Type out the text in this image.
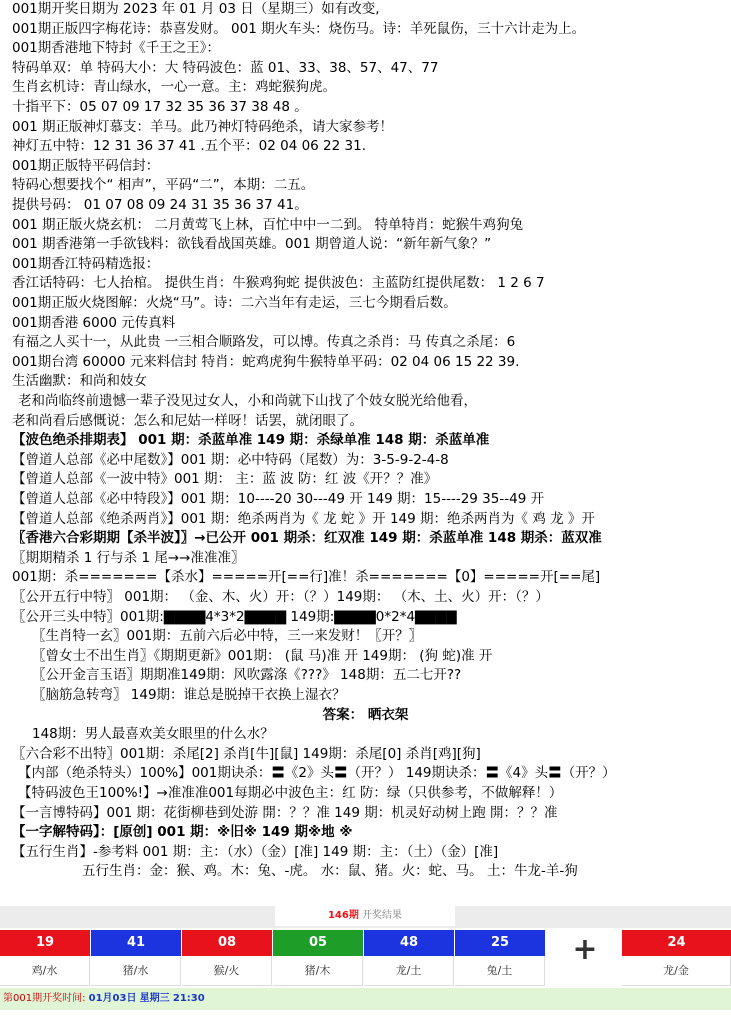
001期开奖日期为 2023 年 01 月 03 日（星期三）如有改变,
001期正版四字梅花诗：恭喜发财。 001 期火车头：烧伤马。诗：羊死鼠伤，三十六计走为上。
001期香港地下特封《千王之王》：
特码单双：单 特码大小：大 特码波色：蓝 01、33、38、57、47、77
生肖玄机诗：青山绿水，一心一意。主：鸡蛇猴狗虎。
十指平下：05 07 09 17 32 35 36 37 38 48 。
001 期正版神灯慕支：羊马。此乃神灯特码绝杀，请大家参考！
神灯五中特：12 31 36 37 41 .五个平：02 04 06 22 31.
001期正版特平码信封：
特码心想要找个“ 相声”，平码“二”，本期：二五。
提供号码： 01 07 08 09 24 31 35 36 37 41。
001 期正版火烧玄机： 二月黄莺飞上林，百忙中中一二到。 特单特肖：蛇猴牛鸡狗兔
001 期香港第一手欲钱料：欲钱看战国英雄。001 期曾道人说：“新年新气象？”
001期香江特码精选报：
香江话特码：七人抬棺。 提供生肖：牛猴鸡狗蛇 提供波色：主蓝防红提供尾数： 1 2 6 7
001期正版火烧图解：火烧“马”。诗：二六当年有走运，三七今期看后数。
001期香港 6000 元传真料
有福之人买十一，从此贵 一三相合顺路发，可以博。传真之杀肖：马 传真之杀尾：6
001期台湾 60000 元来料信封 特肖：蛇鸡虎狗牛猴特单平码：02 04 06 15 22 39.
生活幽默：和尚和妓女
老和尚临终前遗憾一辈子没见过女人，小和尚就下山找了个妓女脱光给他看，
老和尚看后感慨说：怎么和尼姑一样呀！话罢，就闭眼了。
【波色绝杀排期表】 001 期：杀蓝单准 149 期：杀绿单准 148 期：杀蓝单准
【曾道人总部《必中尾数》】001 期：必中特码（尾数）为：3-5-9-2-4-8
【曾道人总部《一波中特》001 期： 主：蓝 波 防：红 波《开？？准》
【曾道人总部《必中特段》】001 期：10----20 30---49 开 149 期：15----29 35--49 开
【曾道人总部《绝杀两肖》】001 期：绝杀两肖为《 龙 蛇 》开 149 期：绝杀两肖为《 鸡 龙 》开
〖香港六合彩期期【杀半波】〗→已公开 001 期杀：红双准 149 期：杀蓝单准 148 期杀：蓝双准
〖期期精杀 1 行与杀 1 尾→→准准准〗
001期：杀=======【杀水】=====开[==行]准！杀=======【0】=====开[==尾]
〖公开五行中特〗 001期： （金、木、火）开：（？）149期： （木、土、火）开：（？）
〖公开三头中特〗001期:▇▇▇▇4*3*2▇▇▇▇ 149期:▇▇▇▇0*2*4▇▇▇▇
〖生肖特一玄〗001期：五前六后必中特，三一来发财！〖开？〗
〖曾女士不出生肖〗《期期更新》001期： (鼠 马)准 开 149期： (狗 蛇)准 开
〖公开金言玉语〗期期准149期：风吹露涤《???》 148期：五二七开??
〖脑筋急转弯〗 149期：谁总是脱掉干衣换上湿衣？
答案： 晒衣架
148期：男人最喜欢美女眼里的什么水？
〖六合彩不出特〗001期：杀尾[2] 杀肖[牛][鼠] 149期：杀尾[0] 杀肖[鸡][狗]
【内部（绝杀特头）100%】001期诀杀：〓《2》头〓（开？） 149期诀杀：〓《4》头〓（开？）
【特码波色王100%!】→准准准001每期必中波色主：红 防：绿（只供参考，不做解释！）
【一言博特码】001 期：花街柳巷到处游 開：？？准 149 期：机灵好动树上跑 開：？？准
【一字解特码】：[原创] 001 期：※旧※ 149 期※地 ※
【五行生肖】-参考料 001 期：主：（水）（金）[准] 149 期：主：（土）（金）[准]
五行生肖：金：猴、鸡。木：兔、-虎。 水：鼠、猪。火：蛇、马。 土：牛龙-羊-狗
146期 开奖结果
+
19
鸡/水
41
猪/水
08
猴/火
05
猪/木
48
龙/土
25
兔/土
24
龙/金
第001期开奖时间: 01月03日 星期三 21:30
